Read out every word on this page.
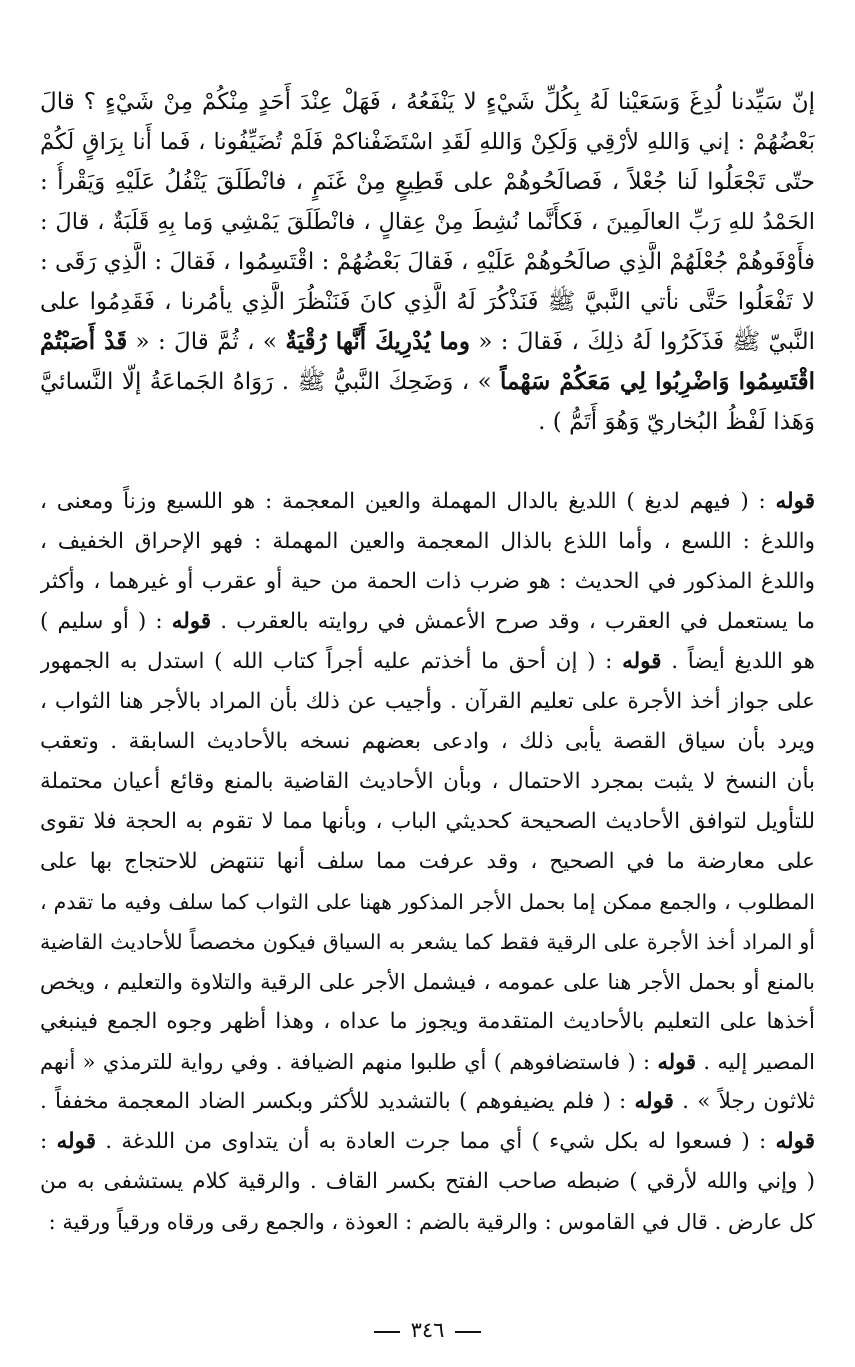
إنّ سَيِّدنا لُدِغَ وَسَعَيْنا لَهُ بِكُلِّ شَيْءٍ لا يَنْفَعُهُ ، فَهَلْ عِنْدَ أَحَدٍ مِنْكُمْ مِنْ شَيْءٍ ؟ قالَ
بَعْضُهُمْ : إني وَاللهِ لأرْقِي وَلَكِنْ وَاللهِ لَقَدِ اسْتَضَفْناكمْ فَلَمْ تُضَيِّفُونا ، فَما أَنا بِرَاقٍ لَكُمْ
حتّى تَجْعَلُوا لَنا جُعْلاً ، فَصالَحُوهُمْ على قَطِيعٍ مِنْ غَنَمٍ ، فانْطَلَقَ يَتْفُلُ عَلَيْهِ وَيَقْرأُ :
الحَمْدُ للهِ رَبِّ العالَمِينَ ، فَكأَنَّما نُشِطَ مِنْ عِقالٍ ، فانْطَلَقَ يَمْشِي وَما بِهِ قَلَبَةٌ ، قالَ :
فأَوْفَوهُمْ جُعْلَهُمْ الَّذِي صالَحُوهُمْ عَلَيْهِ ، فَقالَ بَعْضُهُمْ : اقْتَسِمُوا ، فَقالَ : الَّذِي رَقَى :
لا تَفْعَلُوا حَتَّى نأتي النَّبيَّ ﷺ فَنَذْكُرَ لَهُ الَّذِي كانَ فَنَنْظُرَ الَّذِي يأمُرنا ، فَقَدِمُوا على
النَّبيّ ﷺ فَذَكَرُوا لَهُ ذلِكَ ، فَقالَ : « وما يُدْرِيكَ أَنَّها رُقْيَةٌ » ، ثُمَّ قالَ : « قَدْ أَصَبْتُمْ
اقْتَسِمُوا وَاضْرِبُوا لِي مَعَكُمْ سَهْماً » ، وَضَحِكَ النَّبيُّ ﷺ . رَوَاهُ الجَماعَةُ إلّا النَّسائيَّ
وَهَذا لَفْظُ البُخاريّ وَهُوَ أَتَمُّ ) .
قوله : ( فيهم لديغ ) اللديغ بالدال المهملة والعين المعجمة : هو اللسيع وزناً ومعنى ،
واللدغ : اللسع ، وأما اللذع بالذال المعجمة والعين المهملة : فهو الإحراق الخفيف ،
واللدغ المذكور في الحديث : هو ضرب ذات الحمة من حية أو عقرب أو غيرهما ، وأكثر
ما يستعمل في العقرب ، وقد صرح الأعمش في روايته بالعقرب . قوله : ( أو سليم )
هو اللديغ أيضاً . قوله : ( إن أحق ما أخذتم عليه أجراً كتاب الله ) استدل به الجمهور
على جواز أخذ الأجرة على تعليم القرآن . وأجيب عن ذلك بأن المراد بالأجر هنا الثواب ،
ويرد بأن سياق القصة يأبى ذلك ، وادعى بعضهم نسخه بالأحاديث السابقة . وتعقب
بأن النسخ لا يثبت بمجرد الاحتمال ، وبأن الأحاديث القاضية بالمنع وقائع أعيان محتملة
للتأويل لتوافق الأحاديث الصحيحة كحديثي الباب ، وبأنها مما لا تقوم به الحجة فلا تقوى
على معارضة ما في الصحيح ، وقد عرفت مما سلف أنها تنتهض للاحتجاج بها على
المطلوب ، والجمع ممكن إما بحمل الأجر المذكور ههنا على الثواب كما سلف وفيه ما تقدم ،
أو المراد أخذ الأجرة على الرقية فقط كما يشعر به السياق فيكون مخصصاً للأحاديث القاضية
بالمنع أو بحمل الأجر هنا على عمومه ، فيشمل الأجر على الرقية والتلاوة والتعليم ، ويخص
أخذها على التعليم بالأحاديث المتقدمة ويجوز ما عداه ، وهذا أظهر وجوه الجمع فينبغي
المصير إليه . قوله : ( فاستضافوهم ) أي طلبوا منهم الضيافة . وفي رواية للترمذي « أنهم
ثلاثون رجلاً » . قوله : ( فلم يضيفوهم ) بالتشديد للأكثر وبكسر الضاد المعجمة مخففاً .
قوله : ( فسعوا له بكل شيء ) أي مما جرت العادة به أن يتداوى من اللدغة . قوله :
( وإني والله لأرقي ) ضبطه صاحب الفتح بكسر القاف . والرقية كلام يستشفى به من
كل عارض . قال في القاموس : والرقية بالضم : العوذة ، والجمع رقى ورقاه ورقياً ورقية :
٣٤٦
